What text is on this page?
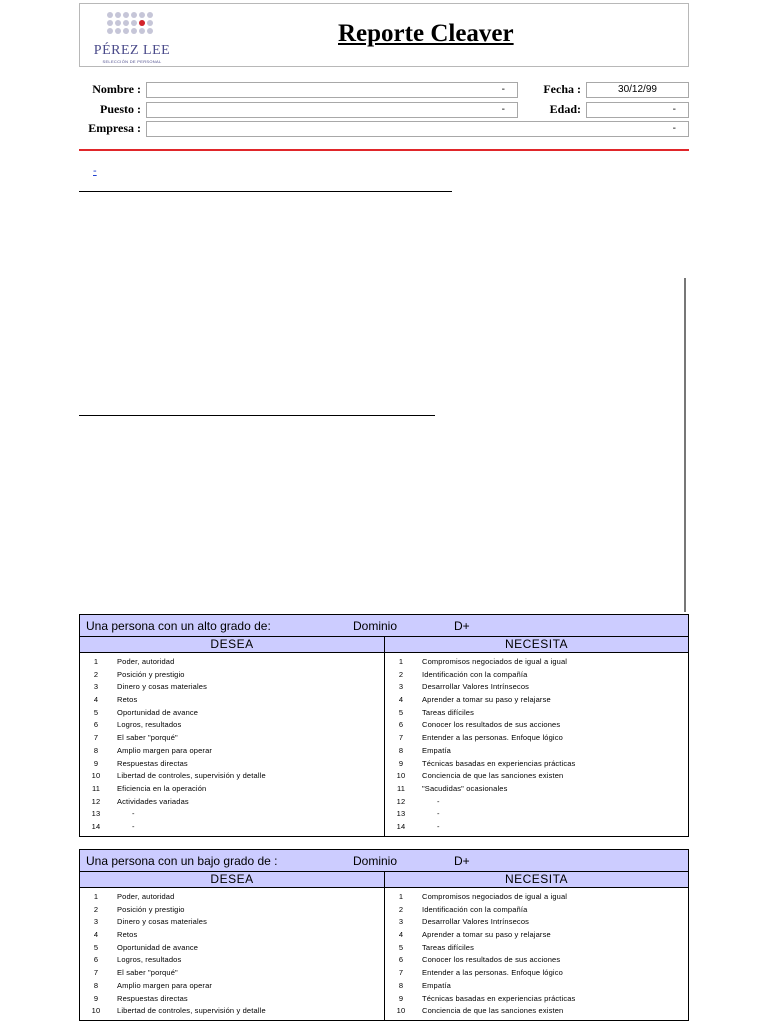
PÉREZ LEE
SELECCIÓN DE PERSONAL
Reporte Cleaver
Nombre :	-
Puesto :	-
Empresa :	-
Fecha :	30/12/99
Edad:	-
-
Una persona con un alto grado de:	Dominio	D+
DESEA
1	Poder, autoridad
2	Posición y prestigio
3	Dinero y cosas materiales
4	Retos
5	Oportunidad de avance
6	Logros, resultados
7	El saber "porqué"
8	Amplio margen para operar
9	Respuestas directas
10 Libertad de controles, supervisión y detalle
11 Eficiencia en la operación
12 Actividades variadas
13	-
14	-
NECESITA
1	Compromisos negociados de igual a igual
2	Identificación con la compañía
3	Desarrollar Valores Intrínsecos
4	Aprender a tomar su paso y relajarse
5	Tareas difíciles
6	Conocer los resultados de sus acciones
7	Entender a las personas. Enfoque lógico
8	Empatía
9	Técnicas basadas en experiencias prácticas
10 Conciencia de que las sanciones existen
11 "Sacudidas" ocasionales
12	-
13	-
14	-
Una persona con un bajo grado de :	Dominio	D+
DESEA
1	Poder, autoridad
2	Posición y prestigio
3	Dinero y cosas materiales
4	Retos
5	Oportunidad de avance
6	Logros, resultados
7	El saber "porqué"
8	Amplio margen para operar
9	Respuestas directas
10 Libertad de controles, supervisión y detalle
NECESITA
1	Compromisos negociados de igual a igual
2	Identificación con la compañía
3	Desarrollar Valores Intrínsecos
4	Aprender a tomar su paso y relajarse
5	Tareas difíciles
6	Conocer los resultados de sus acciones
7	Entender a las personas. Enfoque lógico
8	Empatía
9	Técnicas basadas en experiencias prácticas
10 Conciencia de que las sanciones existen
